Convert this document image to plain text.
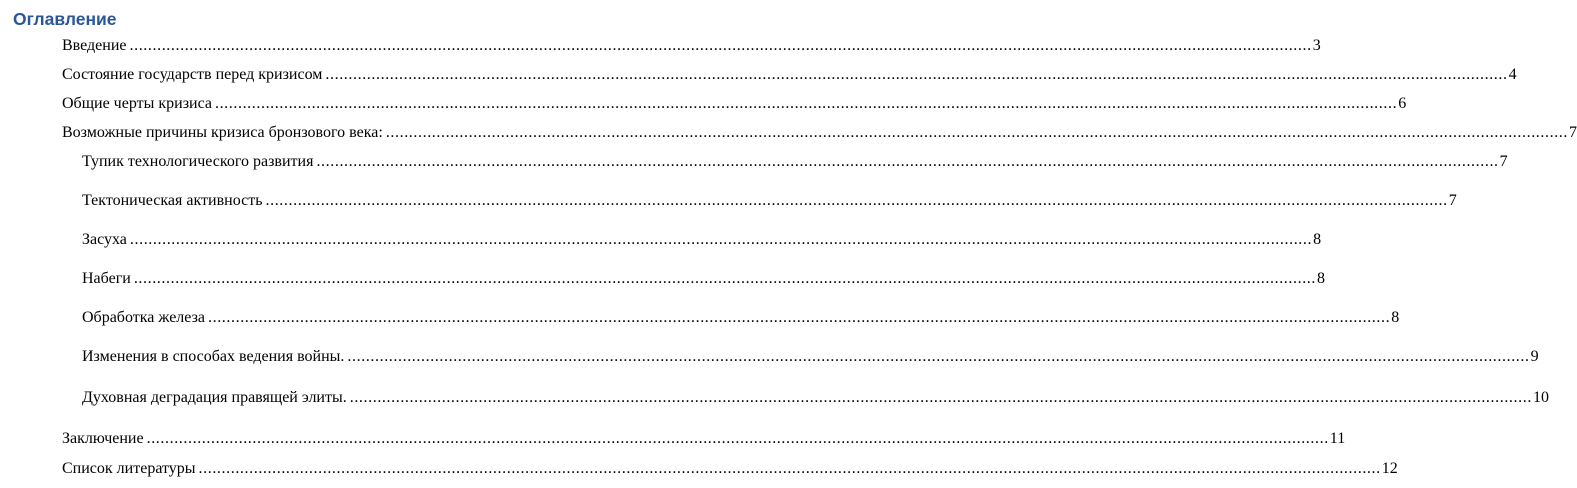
Оглавление
Введение ................................................................................................................................................................................................................................................................. 3
Состояние государств перед кризисом ................................................................................................................................................................................................................................................................. 4
Общие черты кризиса ................................................................................................................................................................................................................................................................. 6
Возможные причины кризиса бронзового века: ................................................................................................................................................................................................................................................................. 7
Тупик технологического развития ................................................................................................................................................................................................................................................................. 7
Тектоническая активность ................................................................................................................................................................................................................................................................. 7
Засуха ................................................................................................................................................................................................................................................................. 8
Набеги ................................................................................................................................................................................................................................................................. 8
Обработка железа ................................................................................................................................................................................................................................................................. 8
Изменения в способах ведения войны. ................................................................................................................................................................................................................................................................. 9
Духовная деградация правящей элиты. ................................................................................................................................................................................................................................................................. 10
Заключение ................................................................................................................................................................................................................................................................. 11
Список литературы ................................................................................................................................................................................................................................................................. 12
